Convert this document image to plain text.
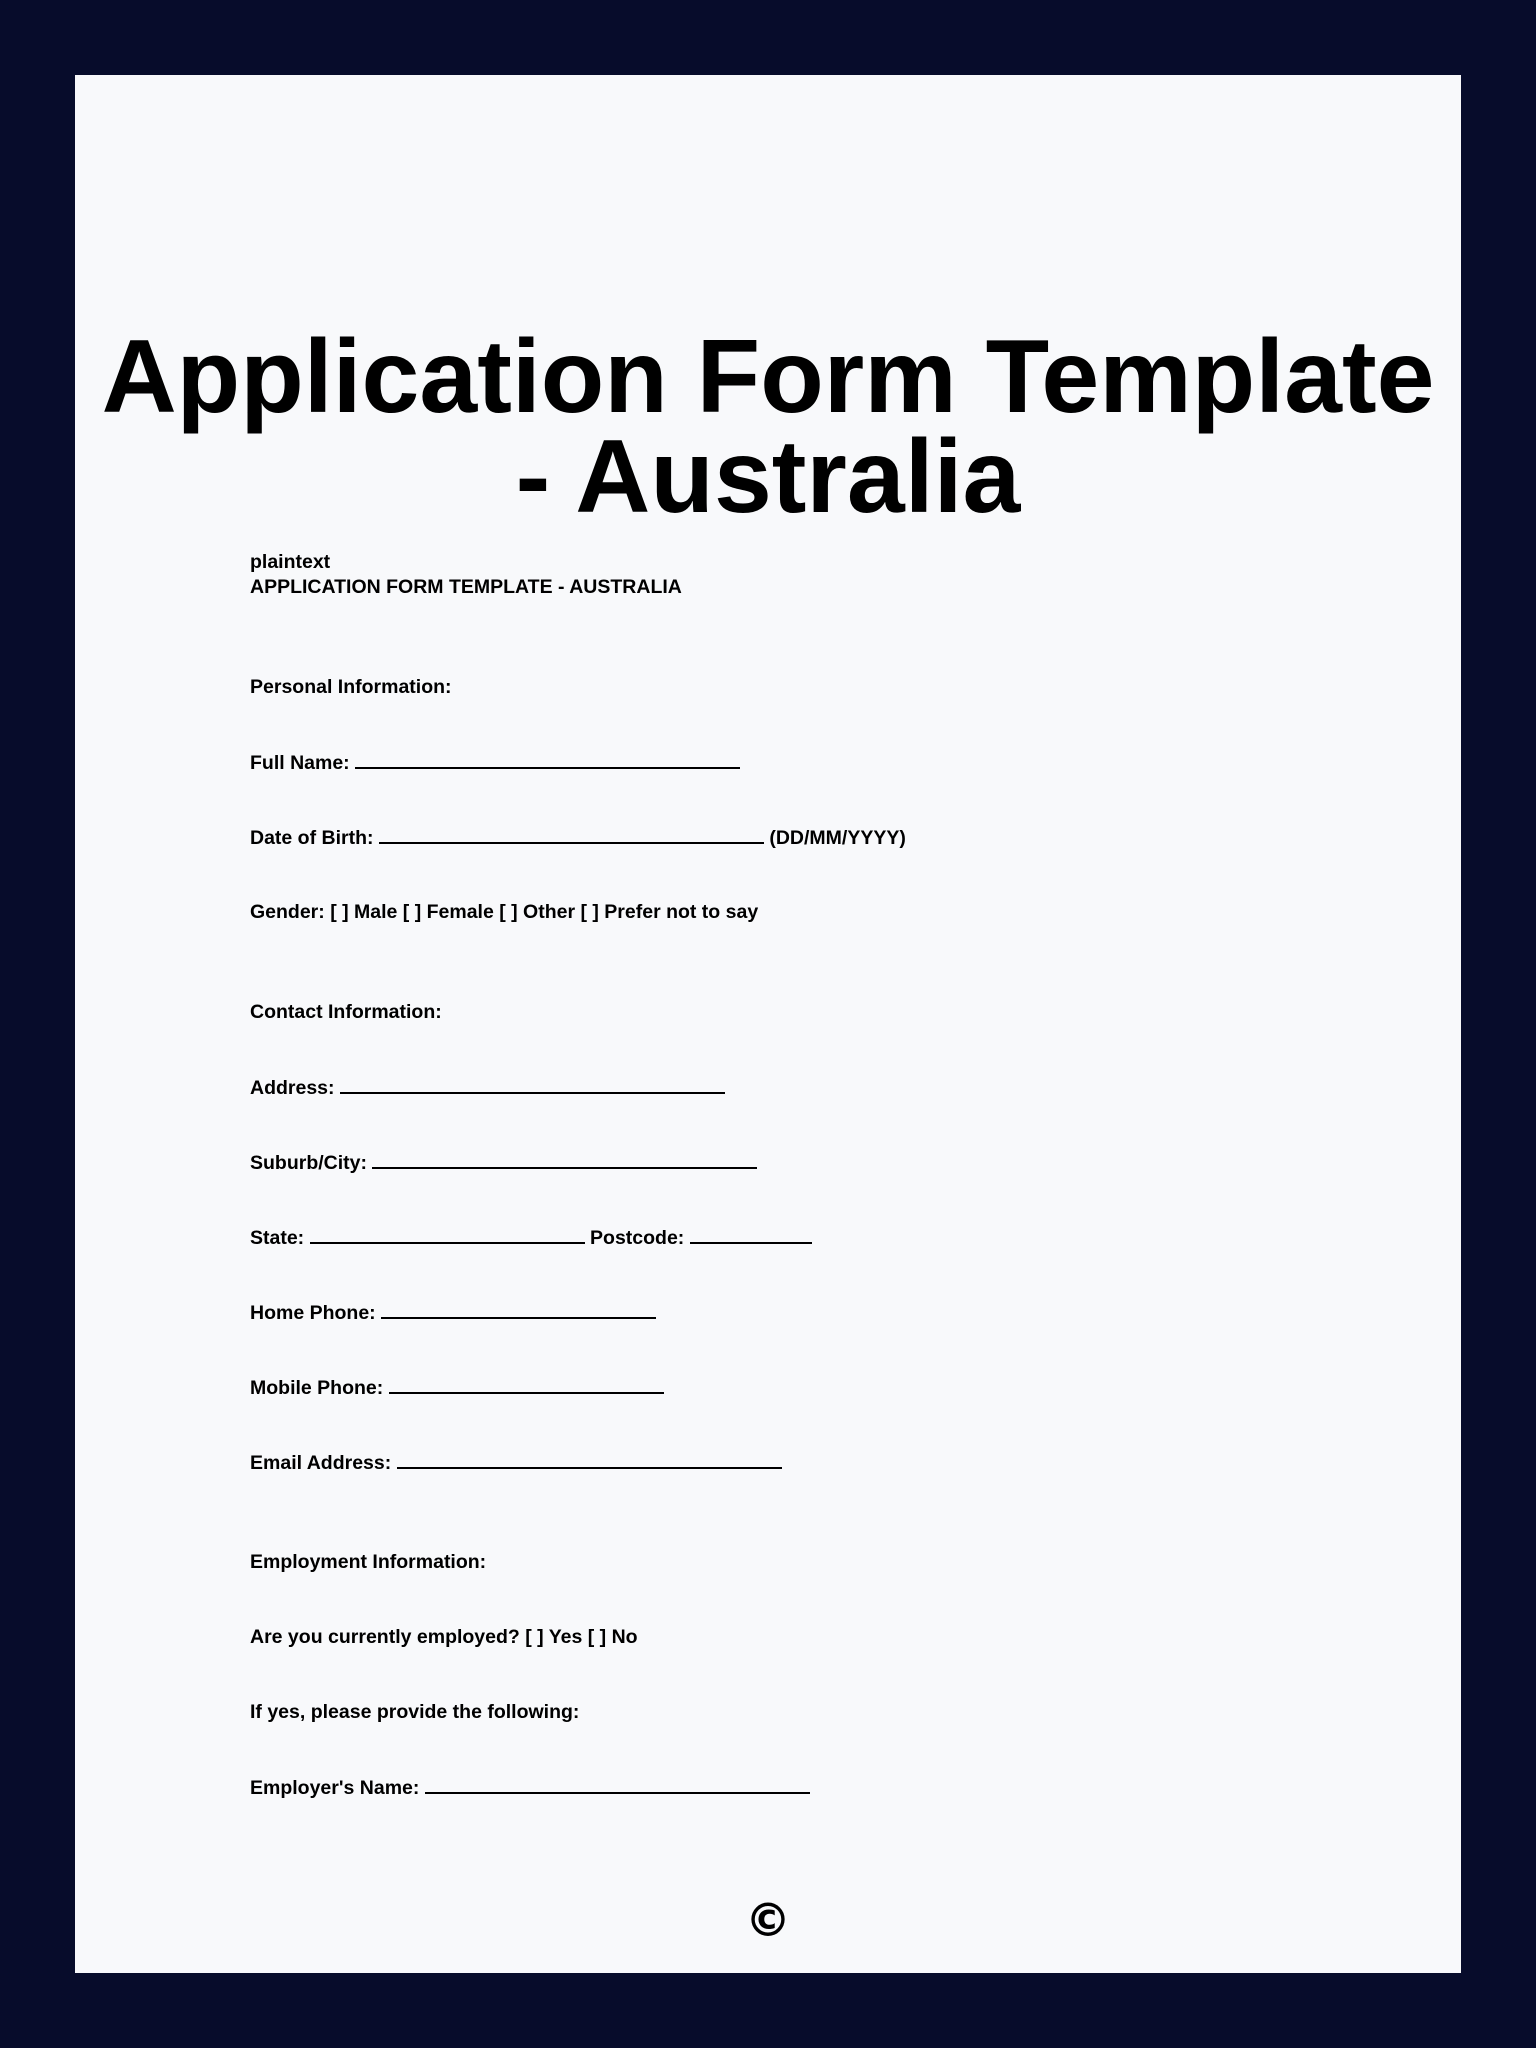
Application Form Template - Australia
plaintext
APPLICATION FORM TEMPLATE - AUSTRALIA
Personal Information:
Full Name:
Date of Birth:	(DD/MM/YYYY)
Gender: [ ] Male [ ] Female [ ] Other [ ] Prefer not to say
Contact Information:
Address:
Suburb/City:
State:	Postcode:
Home Phone:
Mobile Phone:
Email Address:
Employment Information:
Are you currently employed? [ ] Yes [ ] No
If yes, please provide the following:
Employer's Name:
©
